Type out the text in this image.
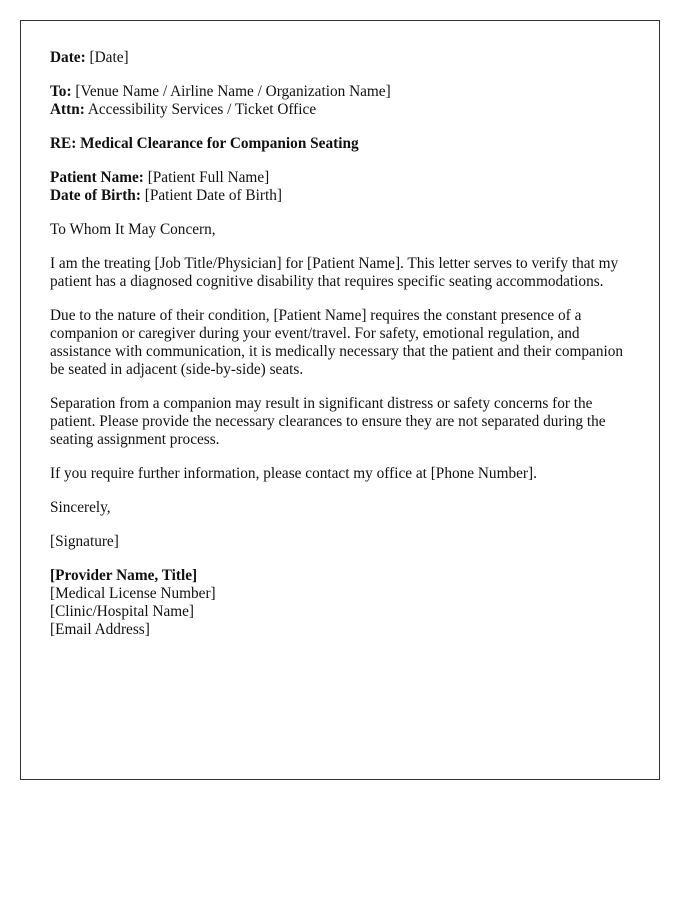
Date: [Date]

To: [Venue Name / Airline Name / Organization Name]
Attn: Accessibility Services / Ticket Office

RE: Medical Clearance for Companion Seating

Patient Name: [Patient Full Name]
Date of Birth: [Patient Date of Birth]

To Whom It May Concern,

I am the treating [Job Title/Physician] for [Patient Name]. This letter serves to verify that my patient has a diagnosed cognitive disability that requires specific seating accommodations.

Due to the nature of their condition, [Patient Name] requires the constant presence of a companion or caregiver during your event/travel. For safety, emotional regulation, and assistance with communication, it is medically necessary that the patient and their companion be seated in adjacent (side-by-side) seats.

Separation from a companion may result in significant distress or safety concerns for the patient. Please provide the necessary clearances to ensure they are not separated during the seating assignment process.

If you require further information, please contact my office at [Phone Number].

Sincerely,

[Signature]

[Provider Name, Title]
[Medical License Number]
[Clinic/Hospital Name]
[Email Address]
